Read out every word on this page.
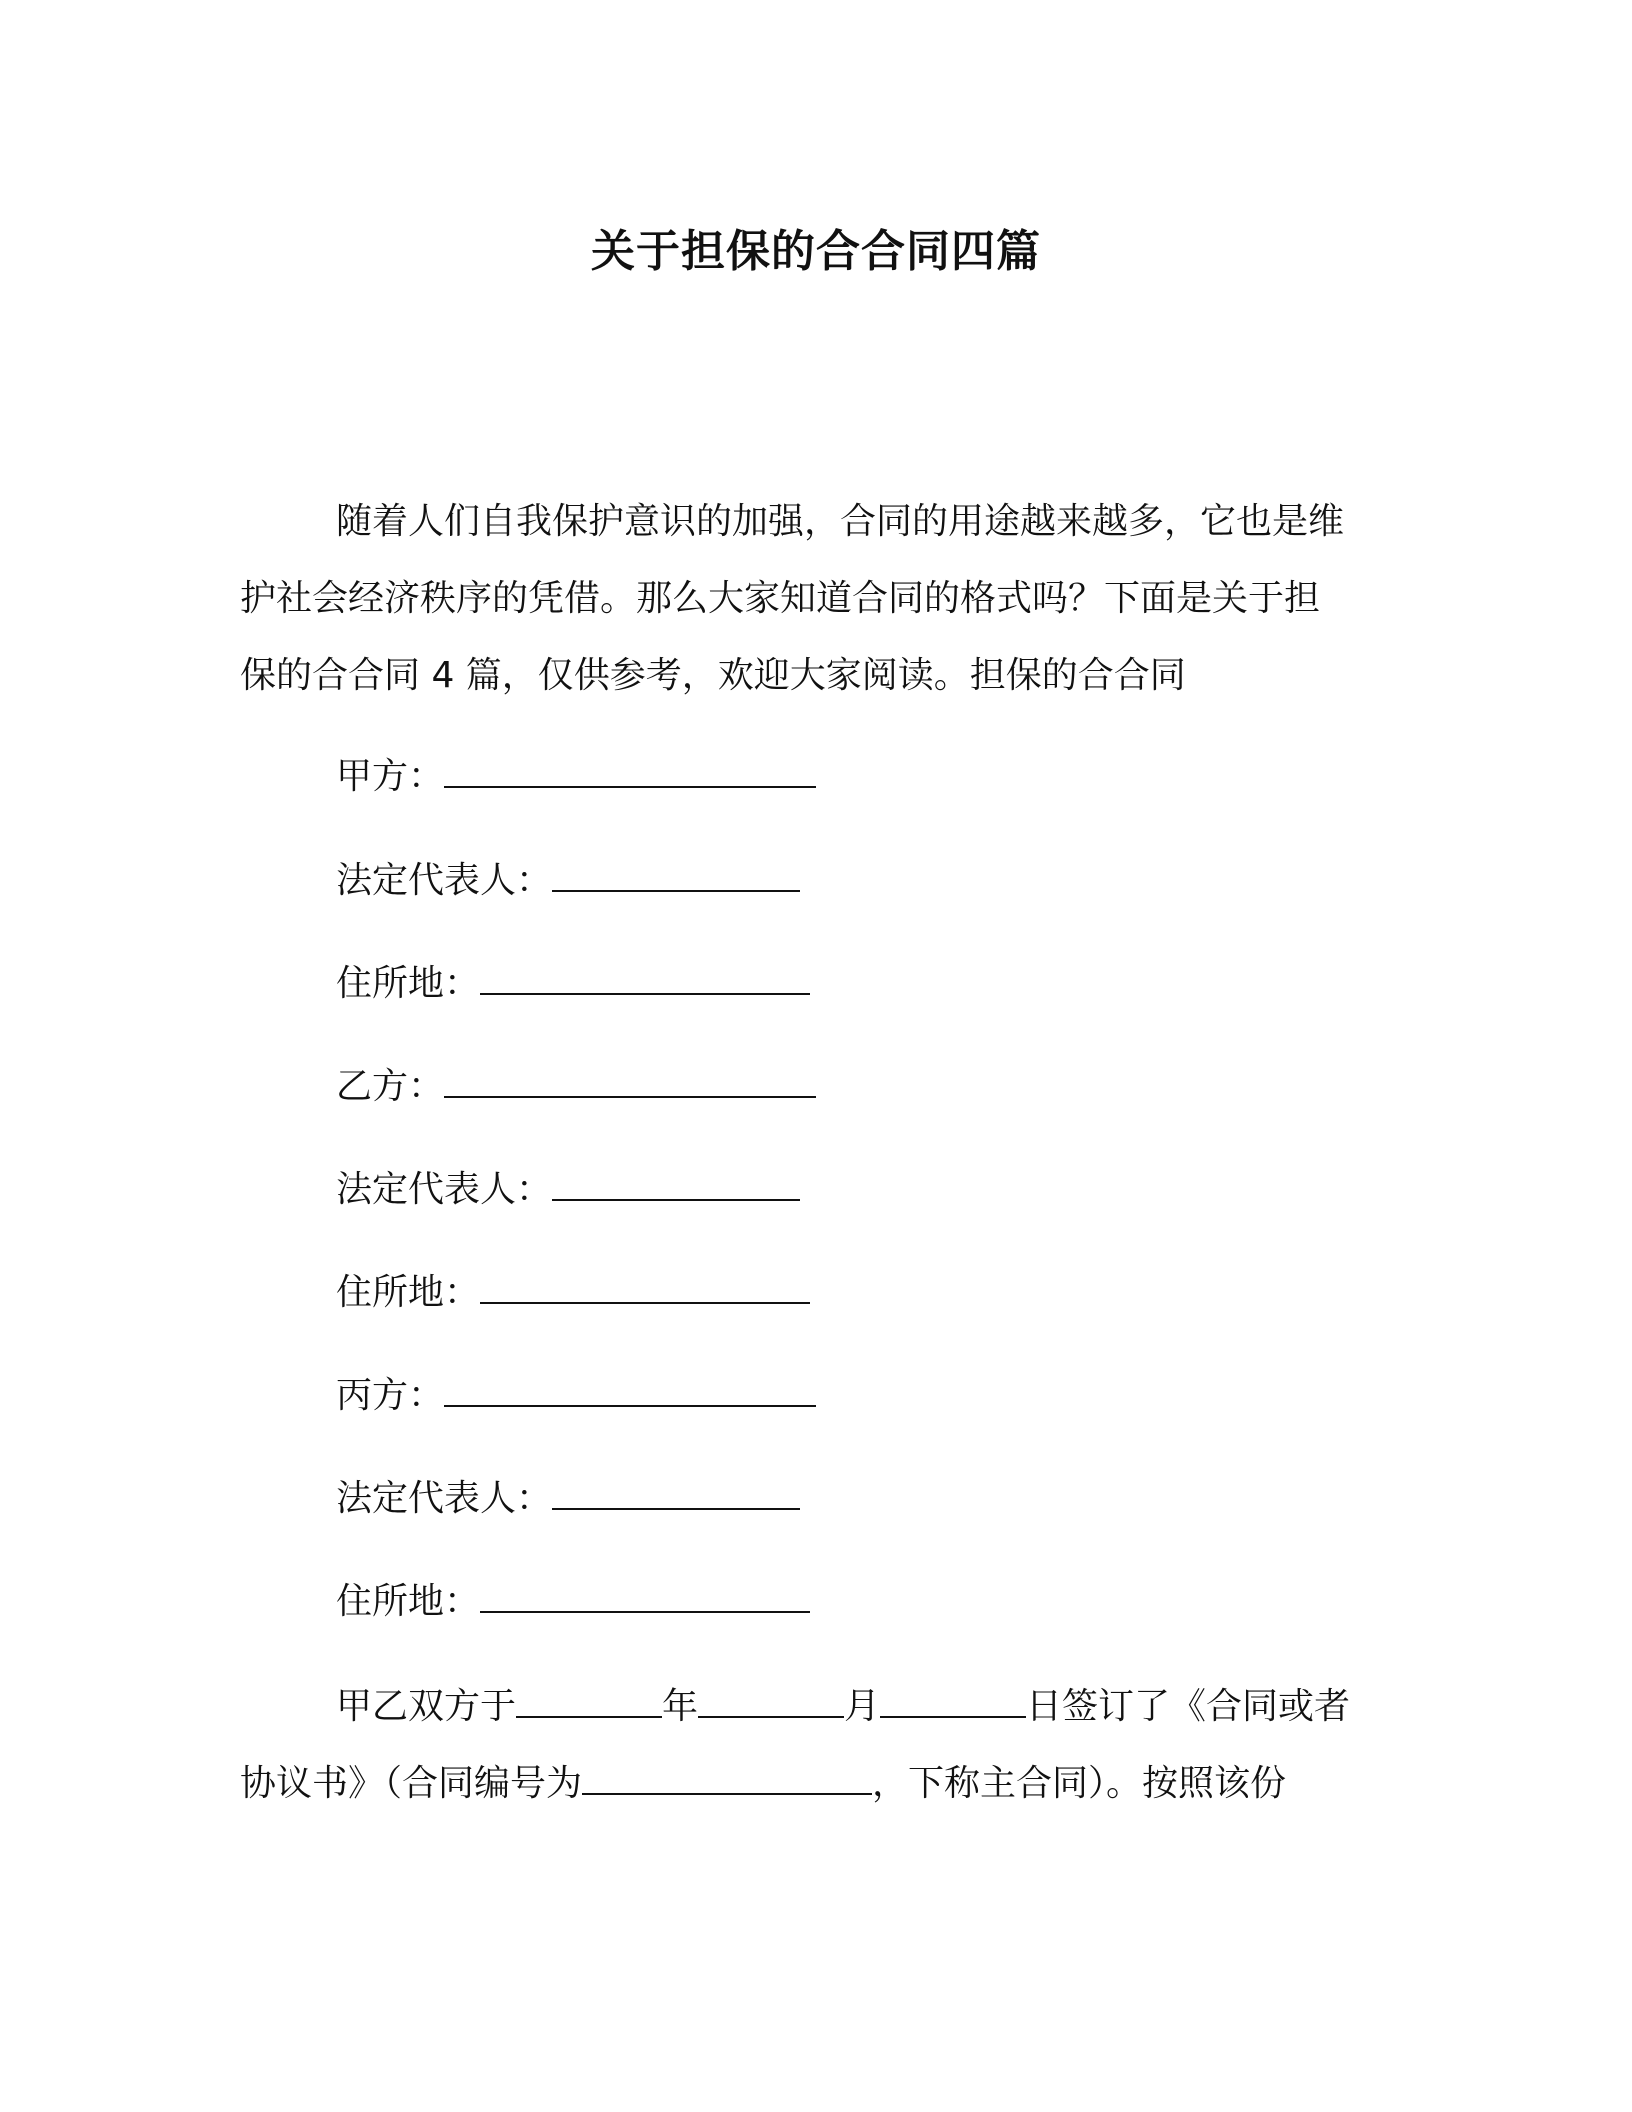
关于担保的合合同四篇
随着人们自我保护意识的加强，合同的用途越来越多，它也是维
护社会经济秩序的凭借。那么大家知道合同的格式吗？下面是关于担
保的合合同 4 篇，仅供参考，欢迎大家阅读。担保的合合同
甲方：
法定代表人：
住所地：
乙方：
法定代表人：
住所地：
丙方：
法定代表人：
住所地：
甲乙双方于	年	月	日签订了《合同或者
协议书》（合同编号为	，下称主合同）。按照该份
